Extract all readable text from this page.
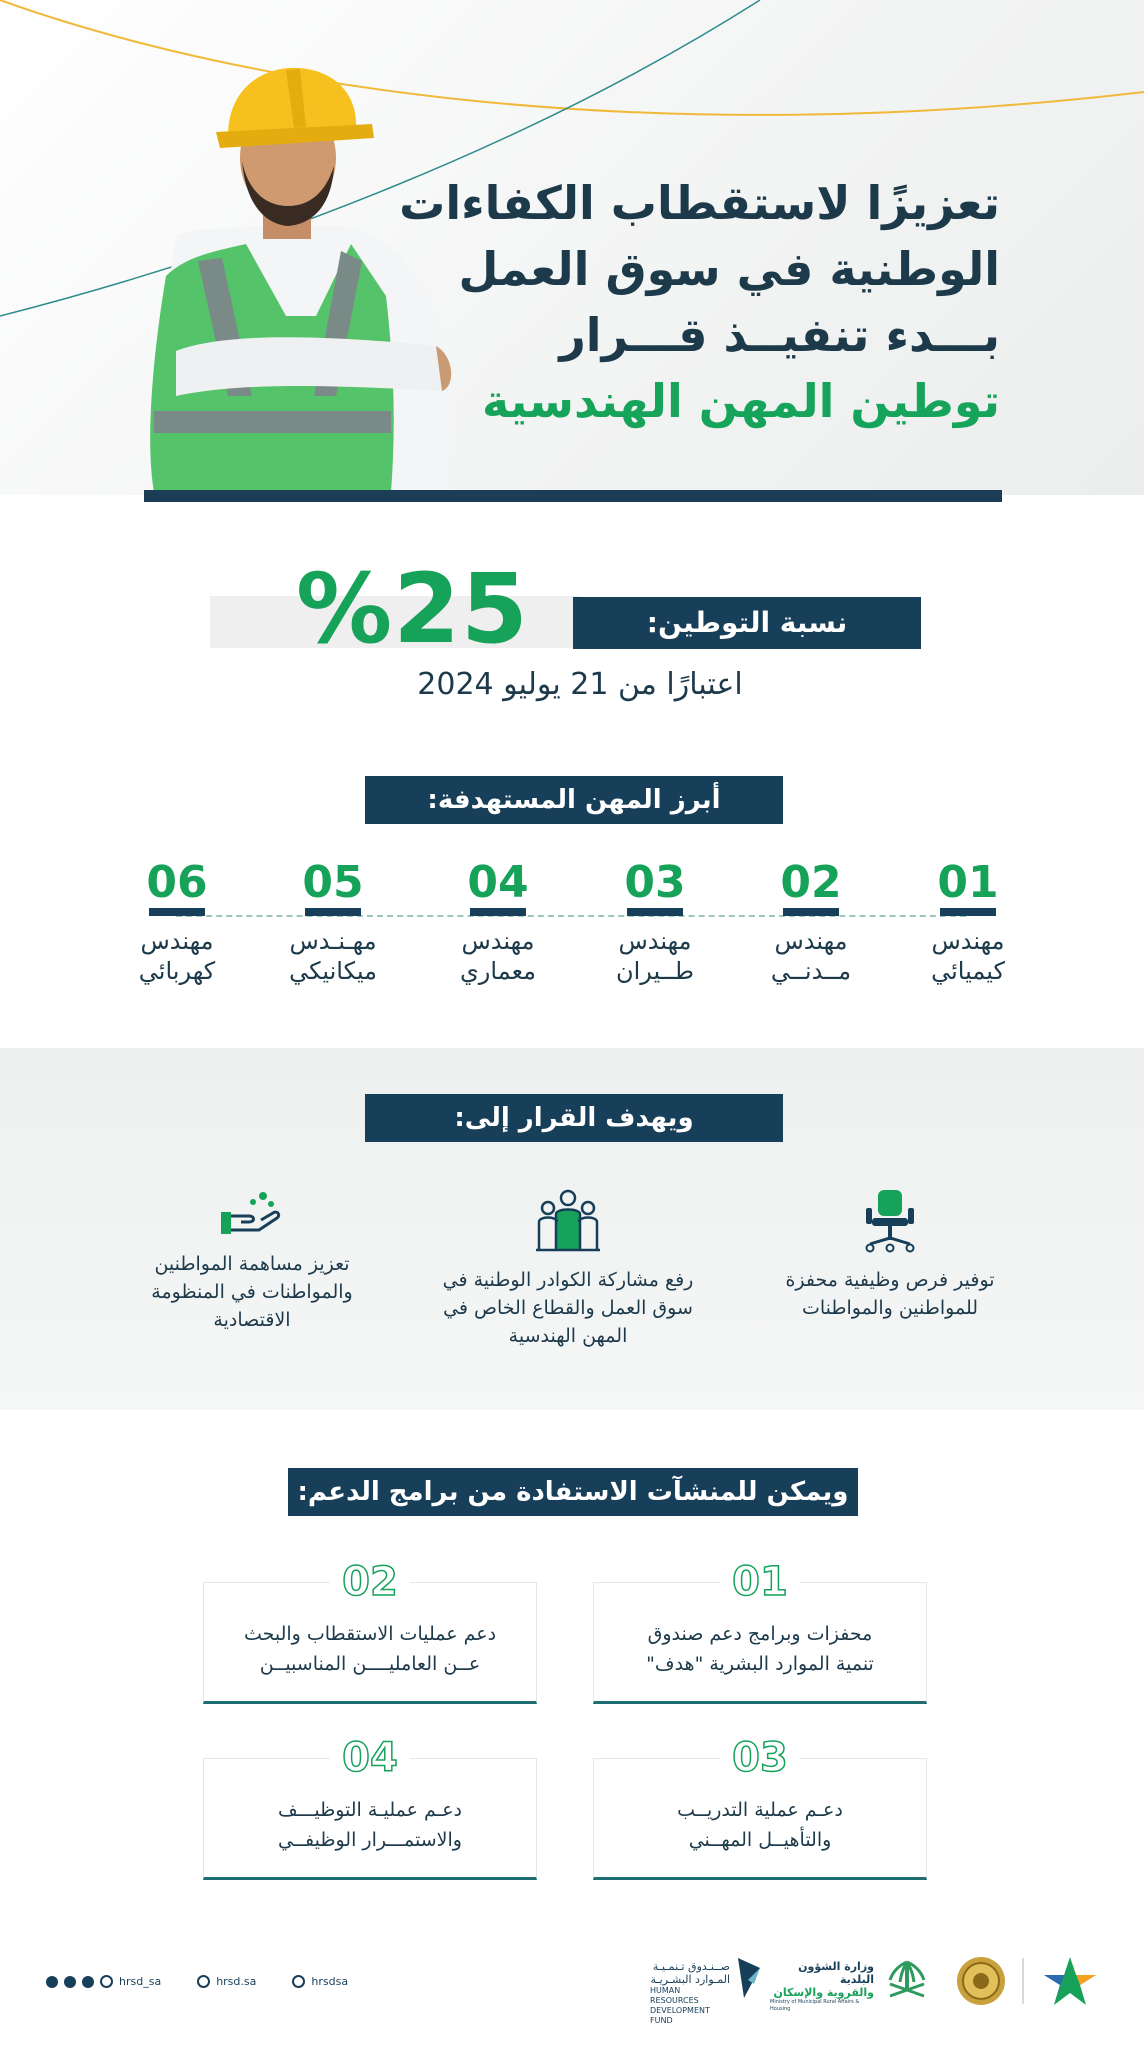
تعزيزًا لاستقطاب الكفاءات
الوطنية في سوق العمل
بـــدء تنفيــذ قـــرار
توطين المهن الهندسية
%25	نسبة التوطين:
اعتبارًا من 21 يوليو 2024
أبرز المهن المستهدفة:
01
مهندس
كيميائي
02
مهندس
مــدنــي
03
مهندس
طــيران
04
مهندس
معماري
05
مهـنـدس
ميكانيكي
06
مهندس
كهربائي
ويهدف القرار إلى:
توفير فرص وظيفية محفزة
للمواطنين والمواطنات
رفع مشاركة الكوادر الوطنية في
سوق العمل والقطاع الخاص في
المهن الهندسية
تعزيز مساهمة المواطنين
والمواطنات في المنظومة
الاقتصادية
ويمكن للمنشآت الاستفادة من برامج الدعم:
01
محفزات وبرامج دعم صندوق
تنمية الموارد البشرية "هدف"
02
دعم عمليات الاستقطاب والبحث
عــن العامليــــن المناسبيــن
03
دعـم عملية التدريــب
والتأهيــل المهــني
04
دعـم عمليـة التوظيـــف
والاستمـــرار الوظيفــي
hrsd_sa	hrsd.sa	hrsdsa
صــنـدوق تـنمـيـة
المـوارد البشـريـة
HUMAN RESOURCES
DEVELOPMENT FUND
وزارة الشؤون البلدية
والقروية والإسكان
Ministry of Municipal Rural Affairs & Housing
